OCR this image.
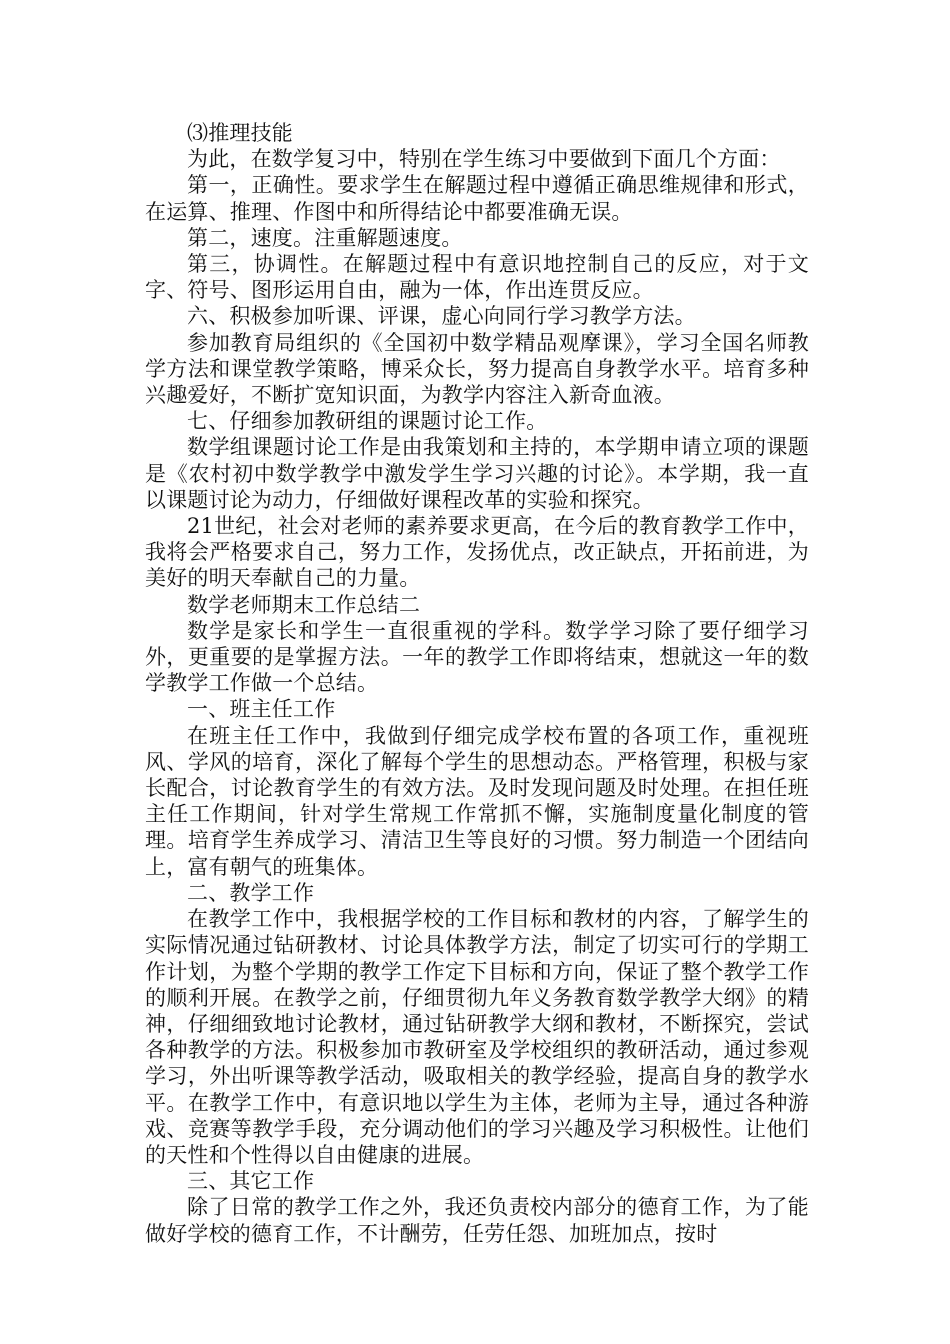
⑶推理技能

为此，在数学复习中，特别在学生练习中要做到下面几个方面：

第一，正确性。要求学生在解题过程中遵循正确思维规律和形式，在运算、推理、作图中和所得结论中都要准确无误。

第二，速度。注重解题速度。

第三，协调性。在解题过程中有意识地控制自己的反应，对于文字、符号、图形运用自由，融为一体，作出连贯反应。

六、积极参加听课、评课，虚心向同行学习教学方法。

参加教育局组织的《全国初中数学精品观摩课》，学习全国名师教学方法和课堂教学策略，博采众长，努力提高自身教学水平。培育多种兴趣爱好，不断扩宽知识面，为教学内容注入新奇血液。

七、仔细参加教研组的课题讨论工作。

数学组课题讨论工作是由我策划和主持的，本学期申请立项的课题是《农村初中数学教学中激发学生学习兴趣的讨论》。本学期，我一直以课题讨论为动力，仔细做好课程改革的实验和探究。

21世纪，社会对老师的素养要求更高，在今后的教育教学工作中，我将会严格要求自己，努力工作，发扬优点，改正缺点，开拓前进，为美好的明天奉献自己的力量。

数学老师期末工作总结二

数学是家长和学生一直很重视的学科。数学学习除了要仔细学习外，更重要的是掌握方法。一年的教学工作即将结束，想就这一年的数学教学工作做一个总结。

一、班主任工作

在班主任工作中，我做到仔细完成学校布置的各项工作，重视班风、学风的培育，深化了解每个学生的思想动态。严格管理，积极与家长配合，讨论教育学生的有效方法。及时发现问题及时处理。在担任班主任工作期间，针对学生常规工作常抓不懈，实施制度量化制度的管理。培育学生养成学习、清洁卫生等良好的习惯。努力制造一个团结向上，富有朝气的班集体。

二、教学工作

在教学工作中，我根据学校的工作目标和教材的内容，了解学生的实际情况通过钻研教材、讨论具体教学方法，制定了切实可行的学期工作计划，为整个学期的教学工作定下目标和方向，保证了整个教学工作的顺利开展。在教学之前，仔细贯彻九年义务教育数学教学大纲》的精神，仔细细致地讨论教材，通过钻研教学大纲和教材，不断探究，尝试各种教学的方法。积极参加市教研室及学校组织的教研活动，通过参观学习，外出听课等教学活动，吸取相关的教学经验，提高自身的教学水平。在教学工作中，有意识地以学生为主体，老师为主导，通过各种游戏、竞赛等教学手段，充分调动他们的学习兴趣及学习积极性。让他们的天性和个性得以自由健康的进展。

三、其它工作

除了日常的教学工作之外，我还负责校内部分的德育工作，为了能做好学校的德育工作，不计酬劳，任劳任怨、加班加点，按时
